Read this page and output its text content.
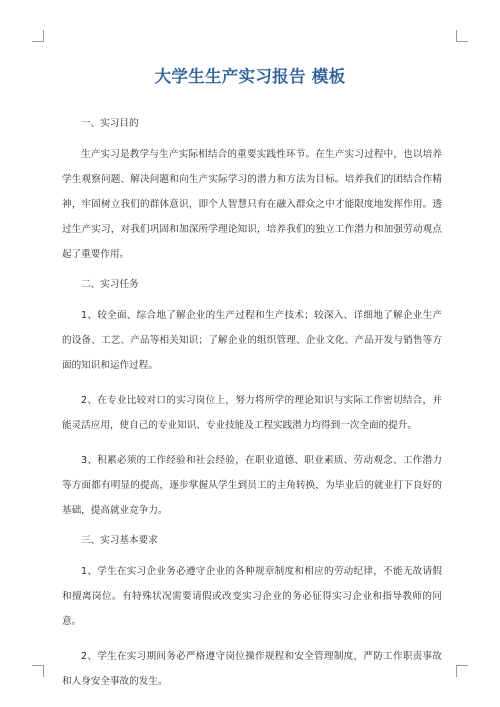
大学生生产实习报告 模板
一、实习目的

生产实习是教学与生产实际相结合的重要实践性环节。在生产实习过程中，也以培养学生观察问题、解决问题和向生产实际学习的潜力和方法为目标。培养我们的团结合作精神，牢固树立我们的群体意识，即个人智慧只有在融入群众之中才能限度地发挥作用。透过生产实习，对我们巩固和加深所学理论知识，培养我们的独立工作潜力和加强劳动观点起了重要作用。

二、实习任务

1、较全面、综合地了解企业的生产过程和生产技术；较深入、详细地了解企业生产的设备、工艺、产品等相关知识；了解企业的组织管理、企业文化、产品开发与销售等方面的知识和运作过程。

2、在专业比较对口的实习岗位上，努力将所学的理论知识与实际工作密切结合，并能灵活应用，使自己的专业知识、专业技能及工程实践潜力均得到一次全面的提升。

3、积累必须的工作经验和社会经验，在职业道德、职业素质、劳动观念、工作潜力等方面都有明显的提高，逐步掌握从学生到员工的主角转换，为毕业后的就业打下良好的基础，提高就业竞争力。

三、实习基本要求

1、学生在实习企业务必遵守企业的各种规章制度和相应的劳动纪律，不能无故请假和擅离岗位。有特殊状况需要请假或改变实习企业的务必征得实习企业和指导教师的同意。

2、学生在实习期间务必严格遵守岗位操作规程和安全管理制度，严防工作职责事故和人身安全事故的发生。
